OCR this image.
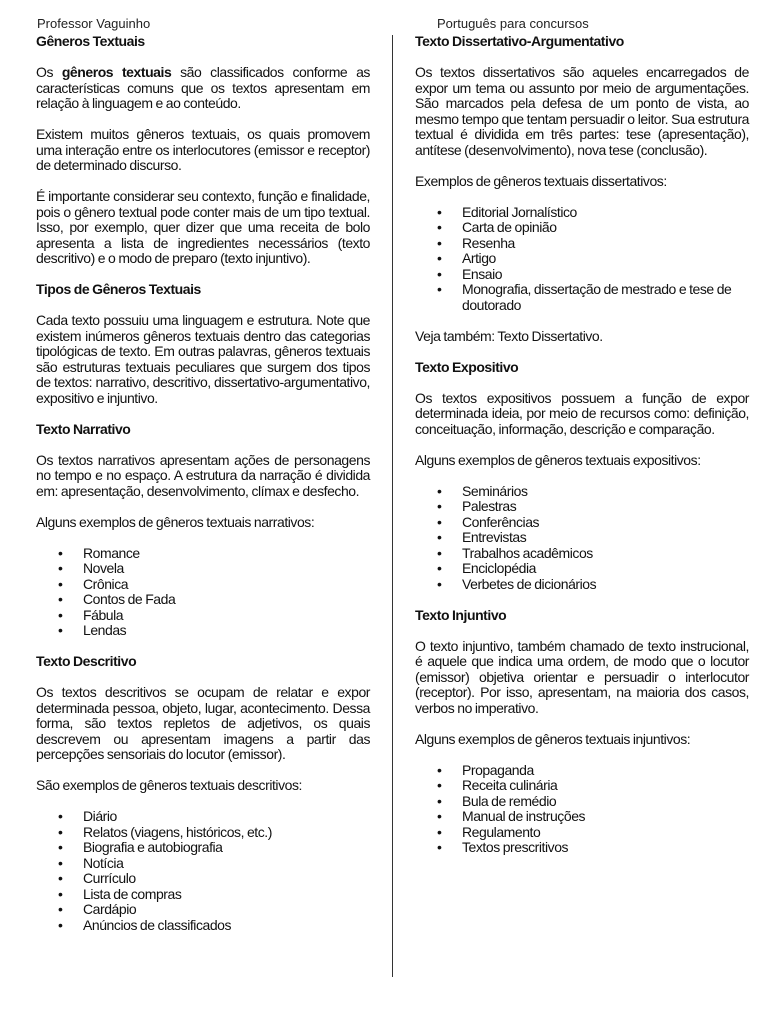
Professor Vaguinho	Português para concursos
Gêneros Textuais

Os gêneros textuais são classificados conforme as características comuns que os textos apresentam em relação à linguagem e ao conteúdo.

Existem muitos gêneros textuais, os quais promovem uma interação entre os interlocutores (emissor e receptor) de determinado discurso.

É importante considerar seu contexto, função e finalidade, pois o gênero textual pode conter mais de um tipo textual. Isso, por exemplo, quer dizer que uma receita de bolo apresenta a lista de ingredientes necessários (texto descritivo) e o modo de preparo (texto injuntivo).

Tipos de Gêneros Textuais

Cada texto possuiu uma linguagem e estrutura. Note que existem inúmeros gêneros textuais dentro das categorias tipológicas de texto. Em outras palavras, gêneros textuais são estruturas textuais peculiares que surgem dos tipos de textos: narrativo, descritivo, dissertativo-argumentativo, expositivo e injuntivo.

Texto Narrativo

Os textos narrativos apresentam ações de personagens no tempo e no espaço. A estrutura da narração é dividida em: apresentação, desenvolvimento, clímax e desfecho.

Alguns exemplos de gêneros textuais narrativos:

• Romance
• Novela
• Crônica
• Contos de Fada
• Fábula
• Lendas
Texto Descritivo

Os textos descritivos se ocupam de relatar e expor determinada pessoa, objeto, lugar, acontecimento. Dessa forma, são textos repletos de adjetivos, os quais descrevem ou apresentam imagens a partir das percepções sensoriais do locutor (emissor).

São exemplos de gêneros textuais descritivos:

• Diário
• Relatos (viagens, históricos, etc.)
• Biografia e autobiografia
• Notícia
• Currículo
• Lista de compras
• Cardápio
• Anúncios de classificados
Texto Dissertativo-Argumentativo

Os textos dissertativos são aqueles encarregados de expor um tema ou assunto por meio de argumentações. São marcados pela defesa de um ponto de vista, ao mesmo tempo que tentam persuadir o leitor. Sua estrutura textual é dividida em três partes: tese (apresentação), antítese (desenvolvimento), nova tese (conclusão).

Exemplos de gêneros textuais dissertativos:

• Editorial Jornalístico
• Carta de opinião
• Resenha
• Artigo
• Ensaio
• Monografia, dissertação de mestrado e tese de doutorado

Veja também: Texto Dissertativo.

Texto Expositivo

Os textos expositivos possuem a função de expor determinada ideia, por meio de recursos como: definição, conceituação, informação, descrição e comparação.

Alguns exemplos de gêneros textuais expositivos:

• Seminários
• Palestras
• Conferências
• Entrevistas
• Trabalhos acadêmicos
• Enciclopédia
• Verbetes de dicionários
Texto Injuntivo

O texto injuntivo, também chamado de texto instrucional, é aquele que indica uma ordem, de modo que o locutor (emissor) objetiva orientar e persuadir o interlocutor (receptor). Por isso, apresentam, na maioria dos casos, verbos no imperativo.

Alguns exemplos de gêneros textuais injuntivos:

• Propaganda
• Receita culinária
• Bula de remédio
• Manual de instruções
• Regulamento
• Textos prescritivos
